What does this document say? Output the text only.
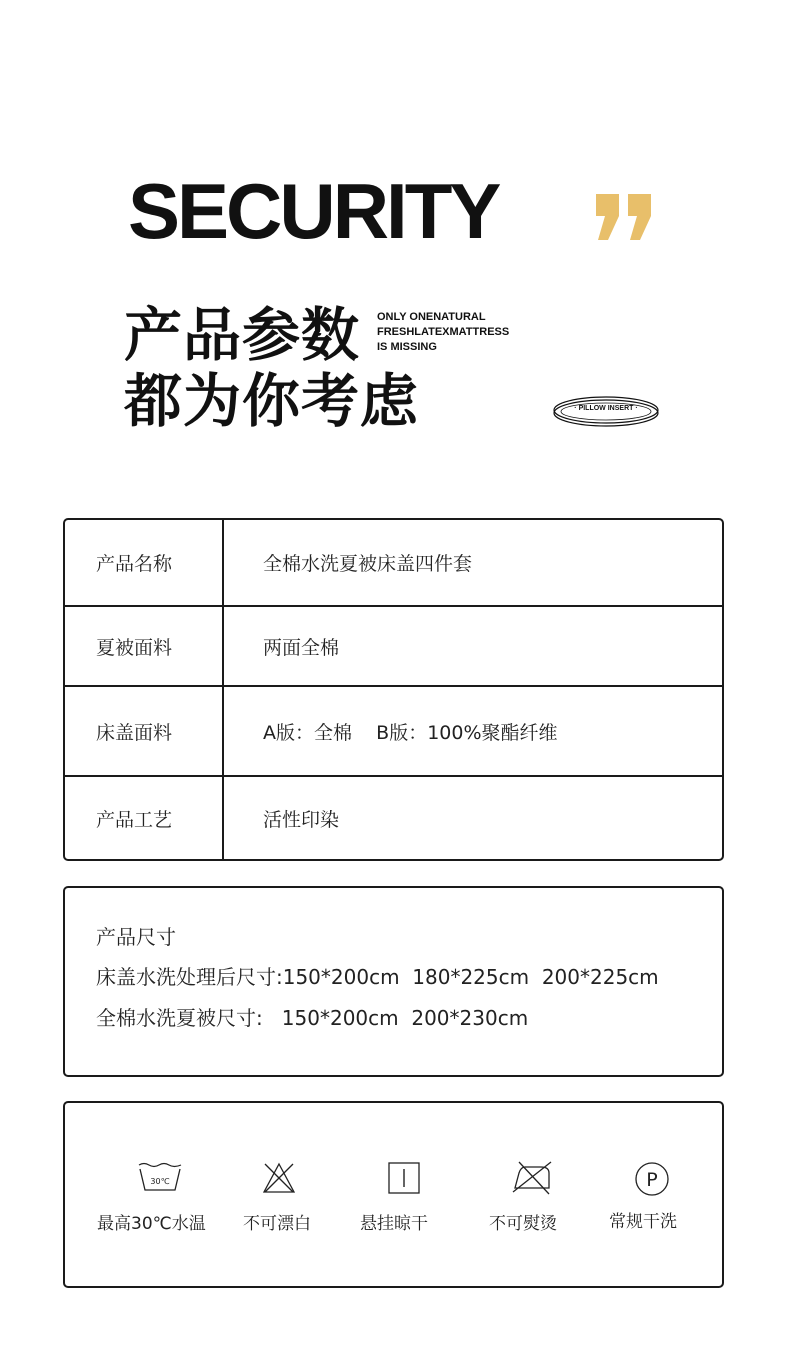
SECURITY
产品参数
都为你考虑
ONLY ONENATURAL
FRESHLATEXMATTRESS
IS MISSING
· PILLOW INSERT ·
产品名称	全棉水洗夏被床盖四件套
夏被面料	两面全棉
床盖面料	A版：全棉    B版：100%聚酯纤维
产品工艺	活性印染
产品尺寸
床盖水洗处理后尺寸:150*200cm  180*225cm  200*225cm
全棉水洗夏被尺寸:   150*200cm  200*230cm
30℃
最高30℃水温 不可漂白	悬挂晾干	不可熨烫
P
常规干洗
